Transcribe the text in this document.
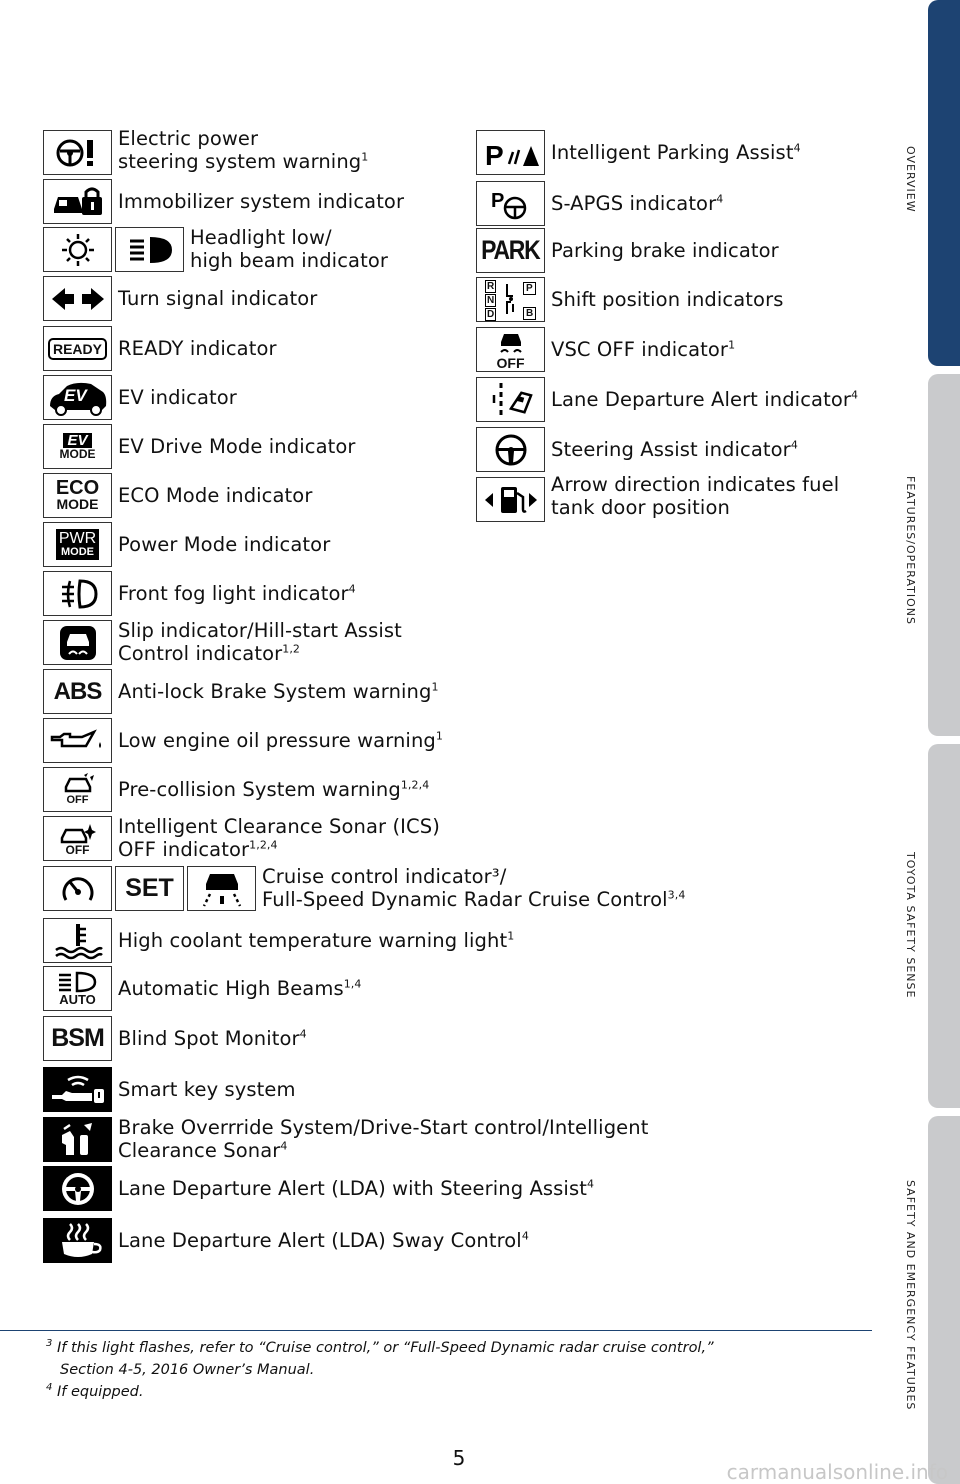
Electric power
steering system warning$^1$
Immobilizer system indicator
Headlight low/
high beam indicator
Turn signal indicator
READY READY indicator
EV EV indicator
EV
MODE EV Drive Mode indicator
ECO
MODE ECO Mode indicator
PWR
MODE Power Mode indicator
Front fog light indicator$^4$
Slip indicator/Hill-start Assist
Control indicator$^{1,2}$
ABS Anti-lock Brake System warning$^1$
Low engine oil pressure warning$^1$
OFF Pre-collision System warning$^{1,2,4}$
OFF
Intelligent Clearance Sonar (ICS)
OFF indicator$^{1,2,4}$
SET	Cruise control indicator³/
Full-Speed Dynamic Radar Cruise Control$^{3,4}$
High coolant temperature warning light$^1$
AUTO Automatic High Beams$^{1,4}$
BSM Blind Spot Monitor$^4$
Smart key system
Brake Overrride System/Drive-Start control/Intelligent
Clearance Sonar$^4$
Lane Departure Alert (LDA) with Steering Assist$^4$
Lane Departure Alert (LDA) Sway Control$^4$
P Intelligent Parking Assist$^4$
P S-APGS indicator$^4$
PARK Parking brake indicator
R
N
D
P
B
Shift position indicators
OFF
VSC OFF indicator$^1$
Lane Departure Alert indicator$^4$
Steering Assist indicator$^4$
Arrow direction indicates fuel
tank door position
$^3$ If this light flashes, refer to “Cruise control,” or “Full-Speed Dynamic radar cruise control,”
Section 4-5, 2016 Owner’s Manual.
$^4$ If equipped.
OVERVIEW
FEATURES/OPERATIONS
TOYOTA SAFETY SENSE
SAFETY AND EMERGENCY FEATURES
5
carmanualsonline.info
